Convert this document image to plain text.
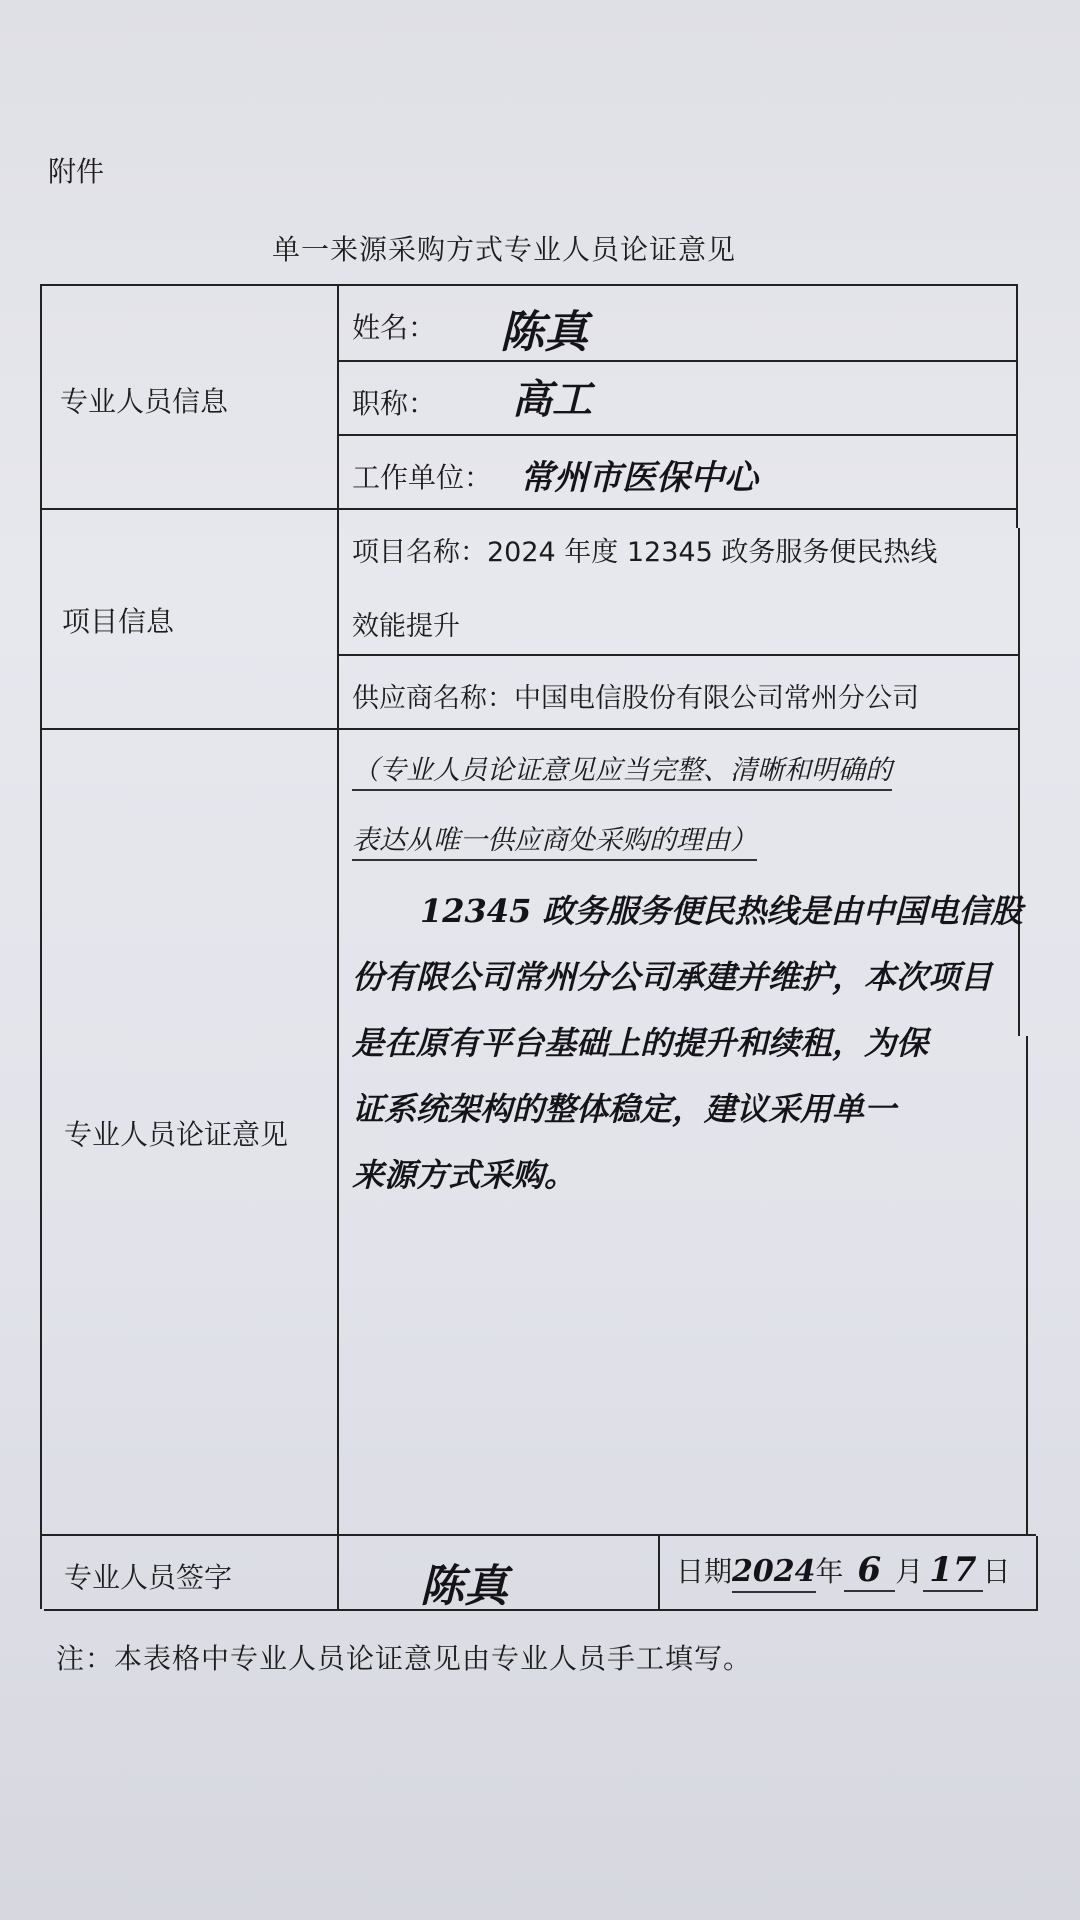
附件
单一来源采购方式专业人员论证意见
专业人员信息
姓名： 陈真
职称： 高工
工作单位： 常州市医保中心
项目信息
项目名称：2024 年度 12345 政务服务便民热线
效能提升
供应商名称：中国电信股份有限公司常州分公司
专业人员论证意见
（专业人员论证意见应当完整、清晰和明确的
表达从唯一供应商处采购的理由）
12345 政务服务便民热线是由中国电信股
份有限公司常州分公司承建并维护，本次项目
是在原有平台基础上的提升和续租，为保
证系统架构的整体稳定，建议采用单一
来源方式采购。
专业人员签字	陈真	日期2024年 6 月 17 日
注：本表格中专业人员论证意见由专业人员手工填写。
